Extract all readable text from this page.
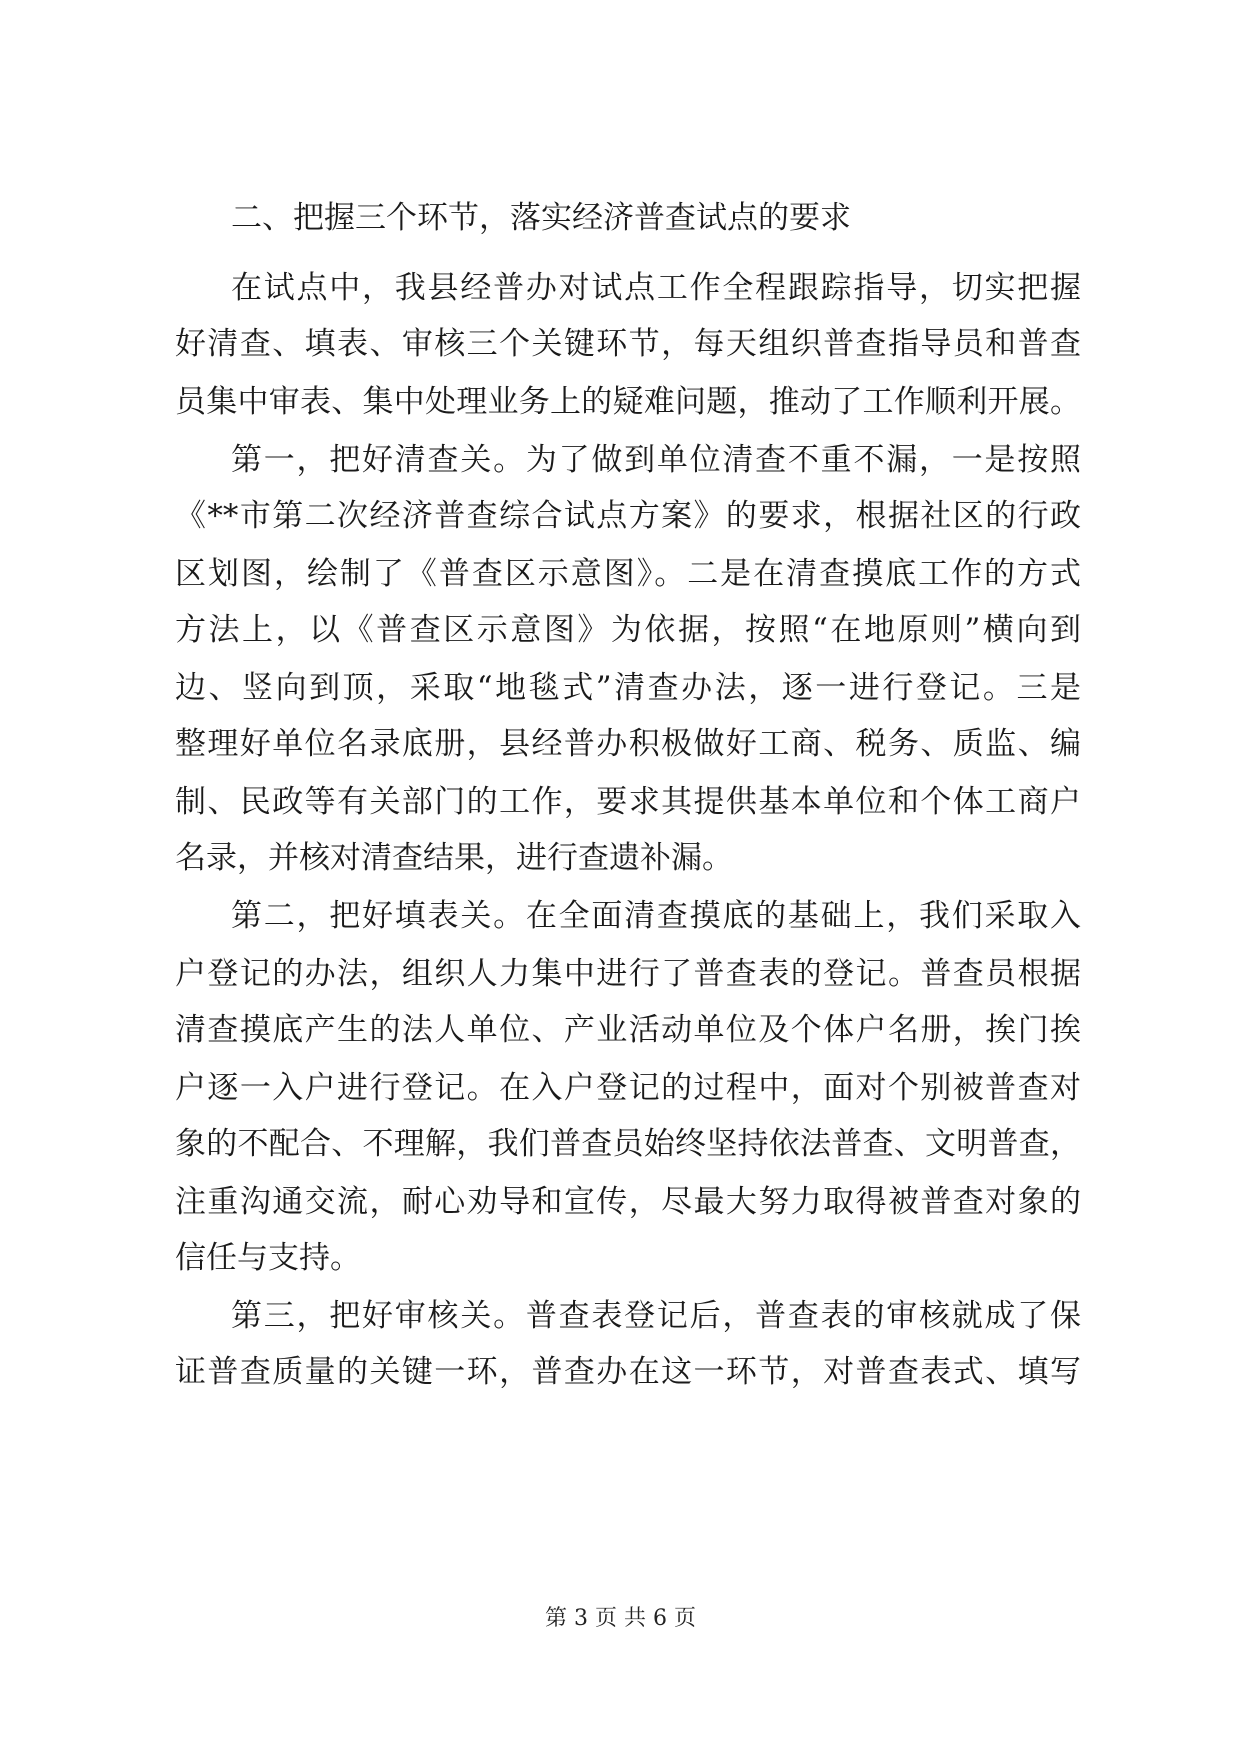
二、把握三个环节，落实经济普查试点的要求
在试点中，我县经普办对试点工作全程跟踪指导，切实把握
好清查、填表、审核三个关键环节，每天组织普查指导员和普查
员集中审表、集中处理业务上的疑难问题，推动了工作顺利开展。
第一，把好清查关。为了做到单位清查不重不漏，一是按照
《**市第二次经济普查综合试点方案》的要求，根据社区的行政
区划图，绘制了《普查区示意图》。二是在清查摸底工作的方式
方法上，以《普查区示意图》为依据，按照“在地原则”横向到
边、竖向到顶，采取“地毯式”清查办法，逐一进行登记。三是
整理好单位名录底册，县经普办积极做好工商、税务、质监、编
制、民政等有关部门的工作，要求其提供基本单位和个体工商户
名录，并核对清查结果，进行查遗补漏。
第二，把好填表关。在全面清查摸底的基础上，我们采取入
户登记的办法，组织人力集中进行了普查表的登记。普查员根据
清查摸底产生的法人单位、产业活动单位及个体户名册，挨门挨
户逐一入户进行登记。在入户登记的过程中，面对个别被普查对
象的不配合、不理解，我们普查员始终坚持依法普查、文明普查，
注重沟通交流，耐心劝导和宣传，尽最大努力取得被普查对象的
信任与支持。
第三，把好审核关。普查表登记后，普查表的审核就成了保
证普查质量的关键一环，普查办在这一环节，对普查表式、填写
第 3 页 共 6 页
